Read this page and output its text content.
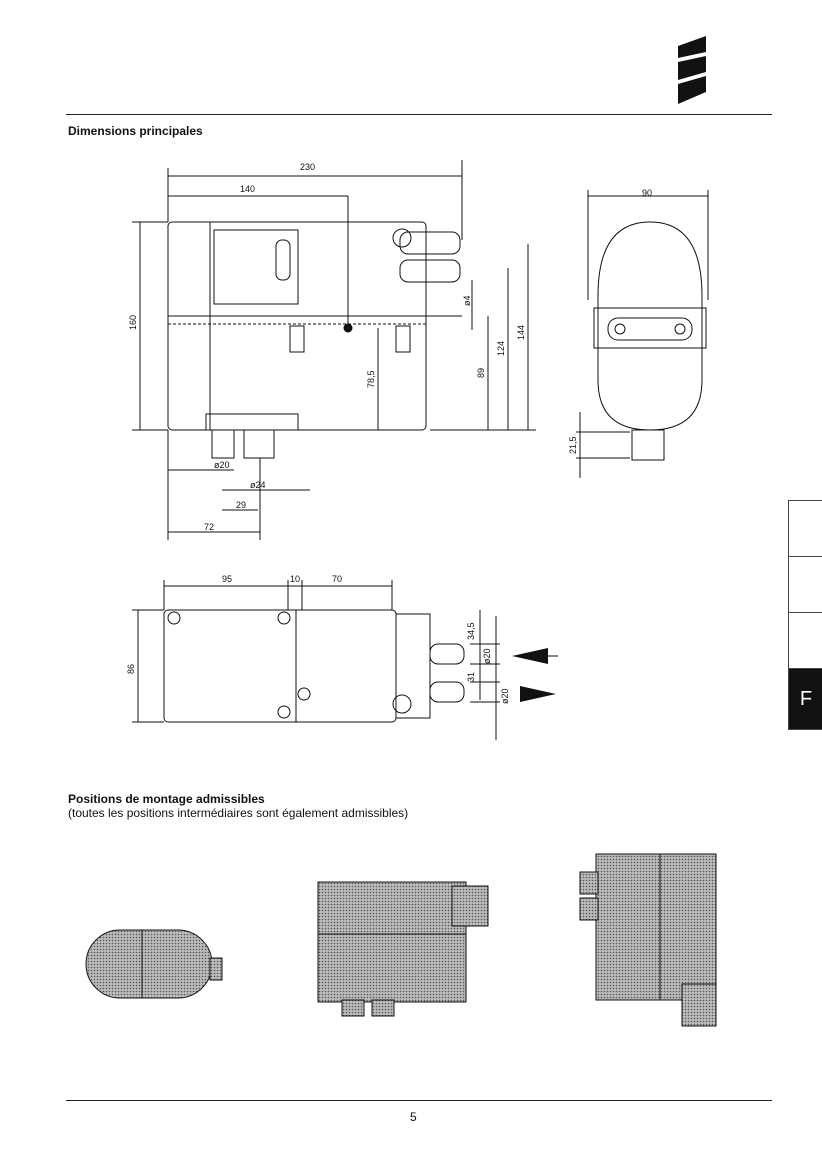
Dimensions principales
230
140
160
ø4
144
124
89
78,5
ø20
ø24
29
72
90
21,5
95	10	70
86
34,5
ø20
31
ø20
Positions de montage admissibles
(toutes les positions intermédiaires sont également admissibles)
F
5
